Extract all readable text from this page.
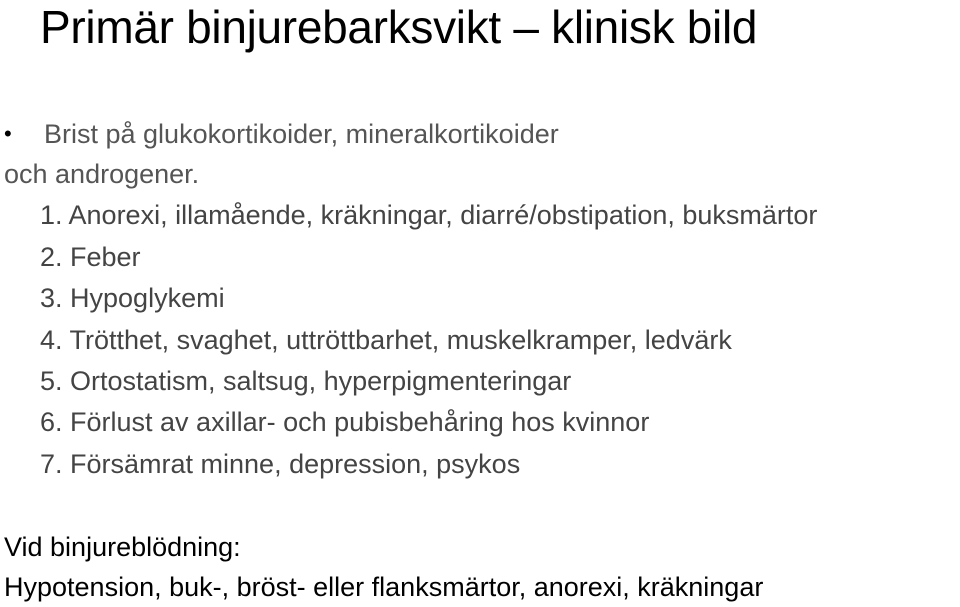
Primär binjurebarksvikt – klinisk bild
• Brist på glukokortikoider, mineralkortikoider
och androgener.
1. Anorexi, illamående, kräkningar, diarré/obstipation, buksmärtor
2. Feber
3. Hypoglykemi
4. Trötthet, svaghet, uttröttbarhet, muskelkramper, ledvärk
5. Ortostatism, saltsug, hyperpigmenteringar
6. Förlust av axillar- och pubisbehåring hos kvinnor
7. Försämrat minne, depression, psykos
Vid binjureblödning:
Hypotension, buk-, bröst- eller flanksmärtor, anorexi, kräkningar
